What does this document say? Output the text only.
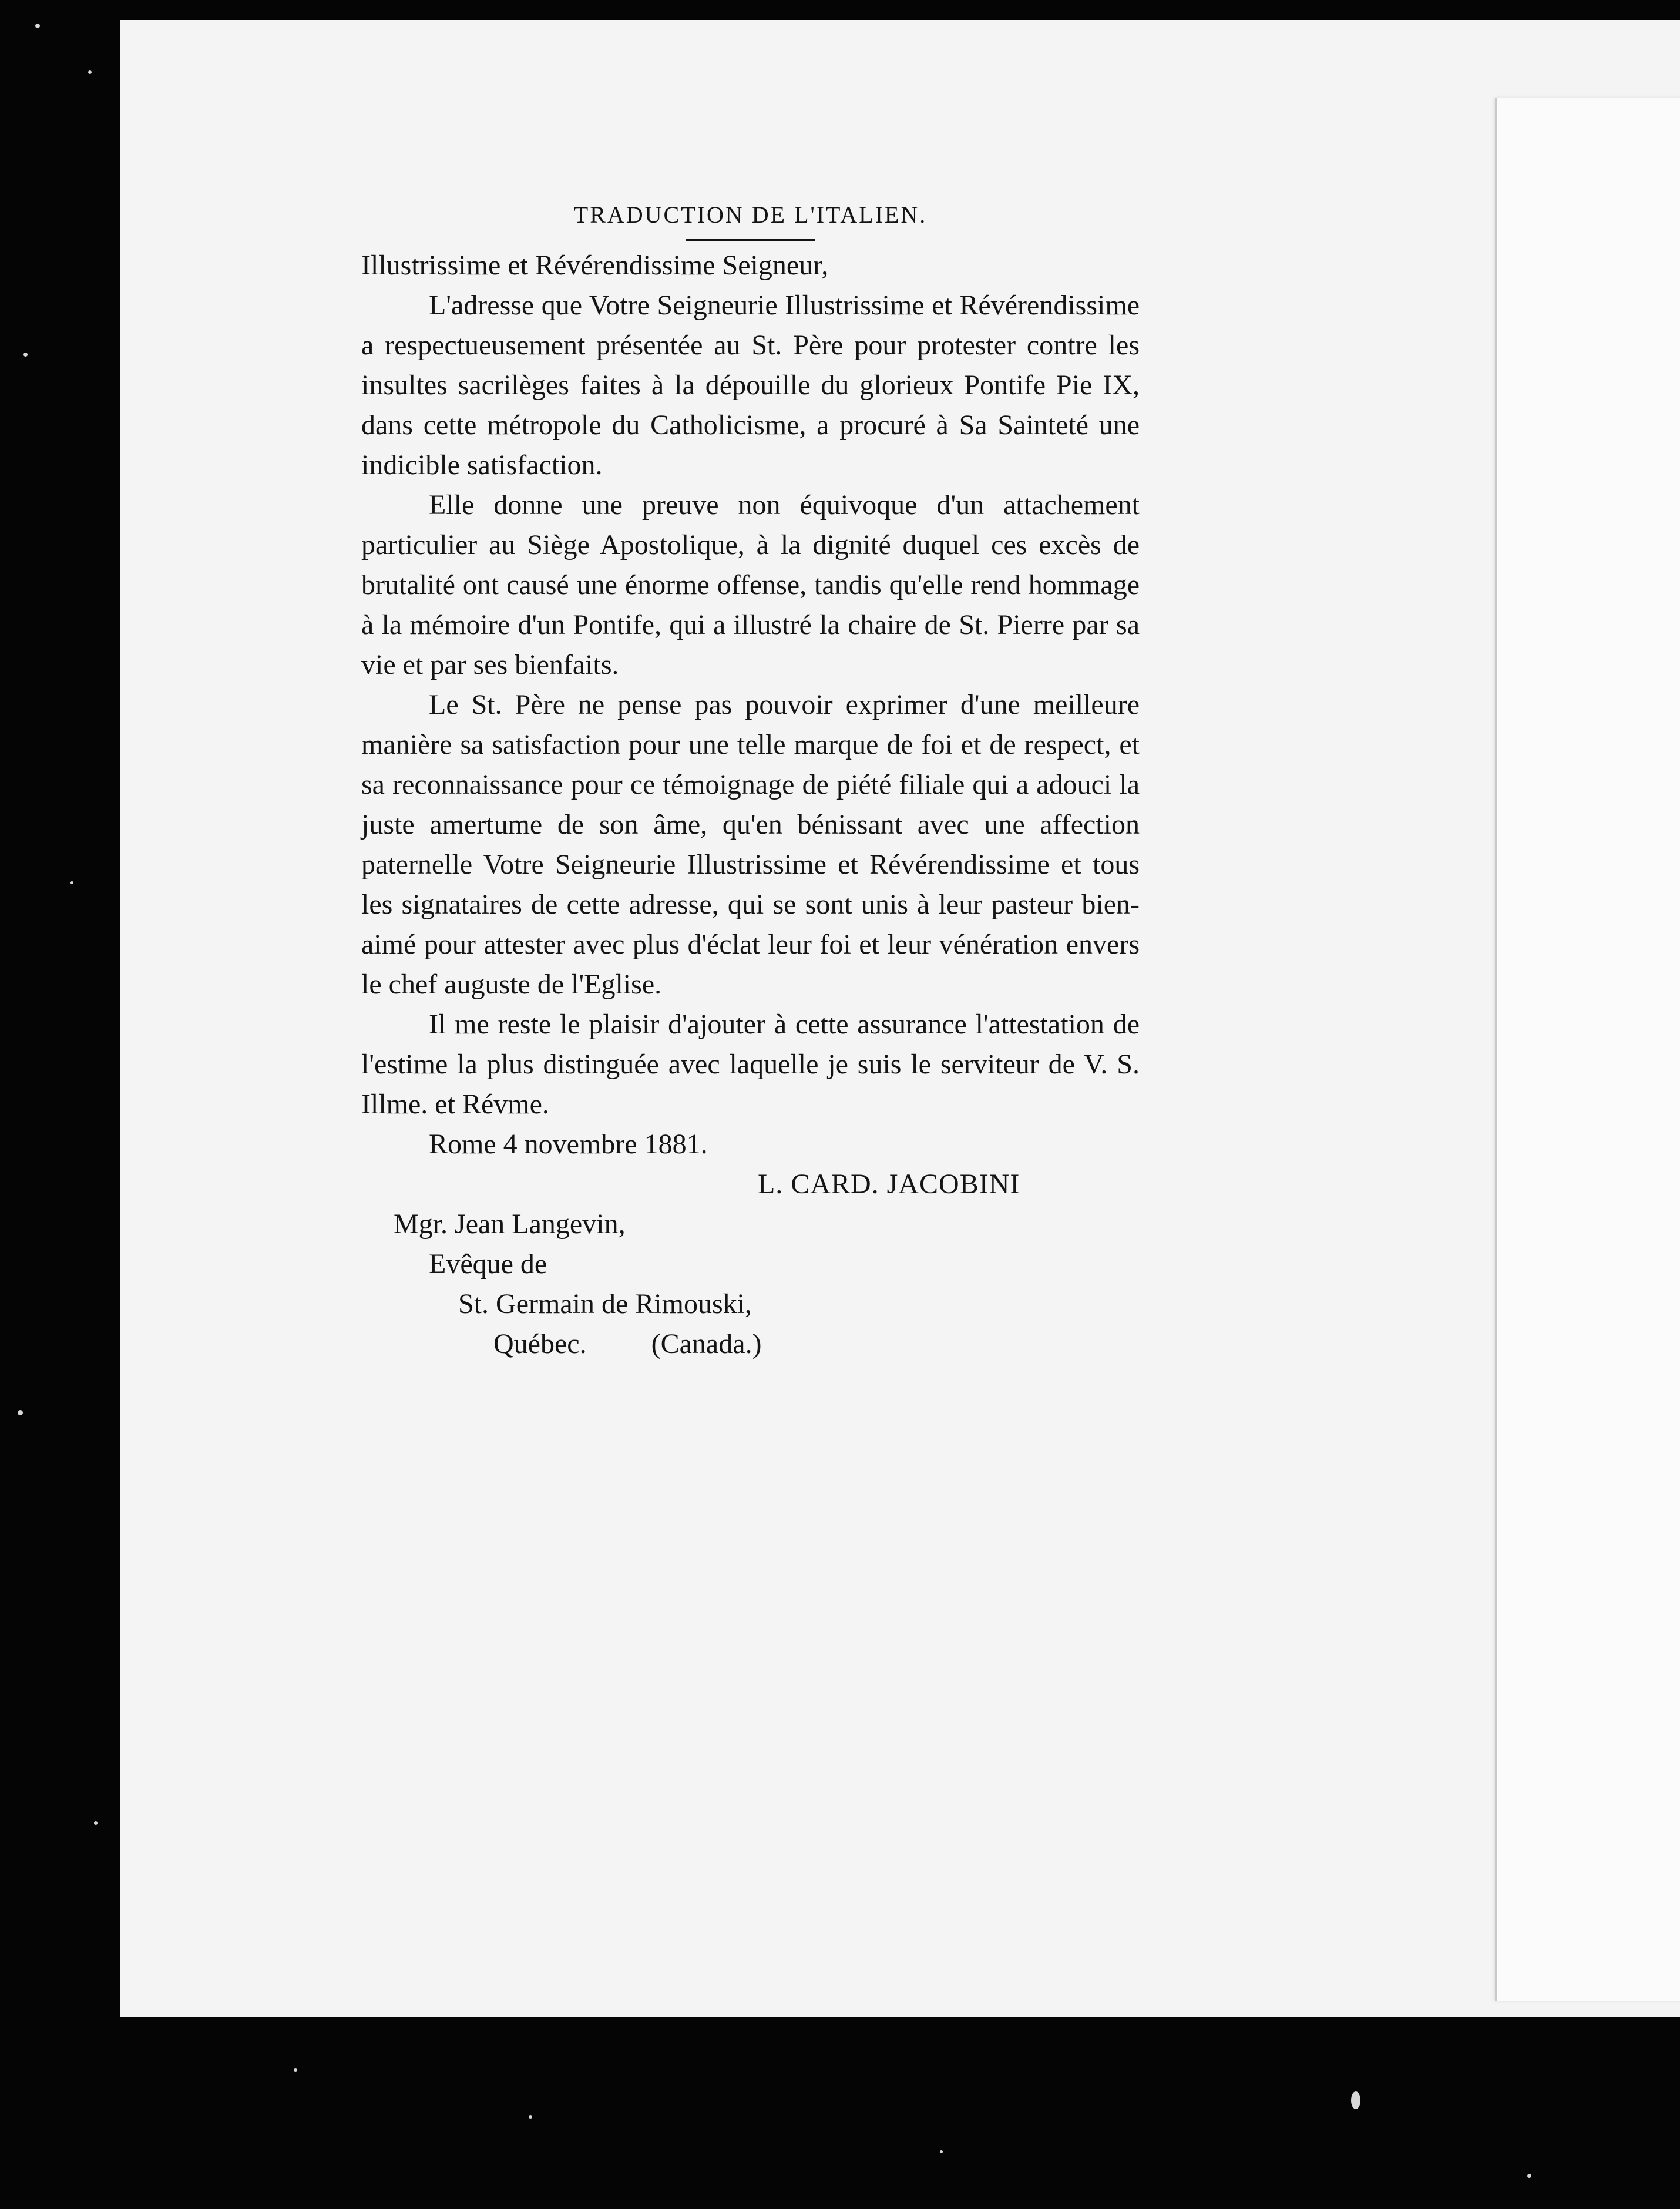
TRADUCTION DE L'ITALIEN.

Illustrissime et Révérendissime Seigneur,

L'adresse que Votre Seigneurie Illustrissime et Révérendissime a respectueusement présentée au St. Père pour protester contre les insultes sacrilèges faites à la dépouille du glorieux Pontife Pie IX, dans cette métropole du Catholicisme, a procuré à Sa Sainteté une indicible satisfaction.

Elle donne une preuve non équivoque d'un attachement particulier au Siège Apostolique, à la dignité duquel ces excès de brutalité ont causé une énorme offense, tandis qu'elle rend hommage à la mémoire d'un Pontife, qui a illustré la chaire de St. Pierre par sa vie et par ses bienfaits.

Le St. Père ne pense pas pouvoir exprimer d'une meilleure manière sa satisfaction pour une telle marque de foi et de respect, et sa reconnaissance pour ce témoignage de piété filiale qui a adouci la juste amertume de son âme, qu'en bénissant avec une affection paternelle Votre Seigneurie Illustrissime et Révérendissime et tous les signataires de cette adresse, qui se sont unis à leur pasteur bien-aimé pour attester avec plus d'éclat leur foi et leur vénération envers le chef auguste de l'Eglise.

Il me reste le plaisir d'ajouter à cette assurance l'attestation de l'estime la plus distinguée avec laquelle je suis le serviteur de V. S. Illme. et Révme.

Rome 4 novembre 1881.

L. CARD. JACOBINI

Mgr. Jean Langevin,

Evêque de

St. Germain de Rimouski,

Québec. (Canada.)
